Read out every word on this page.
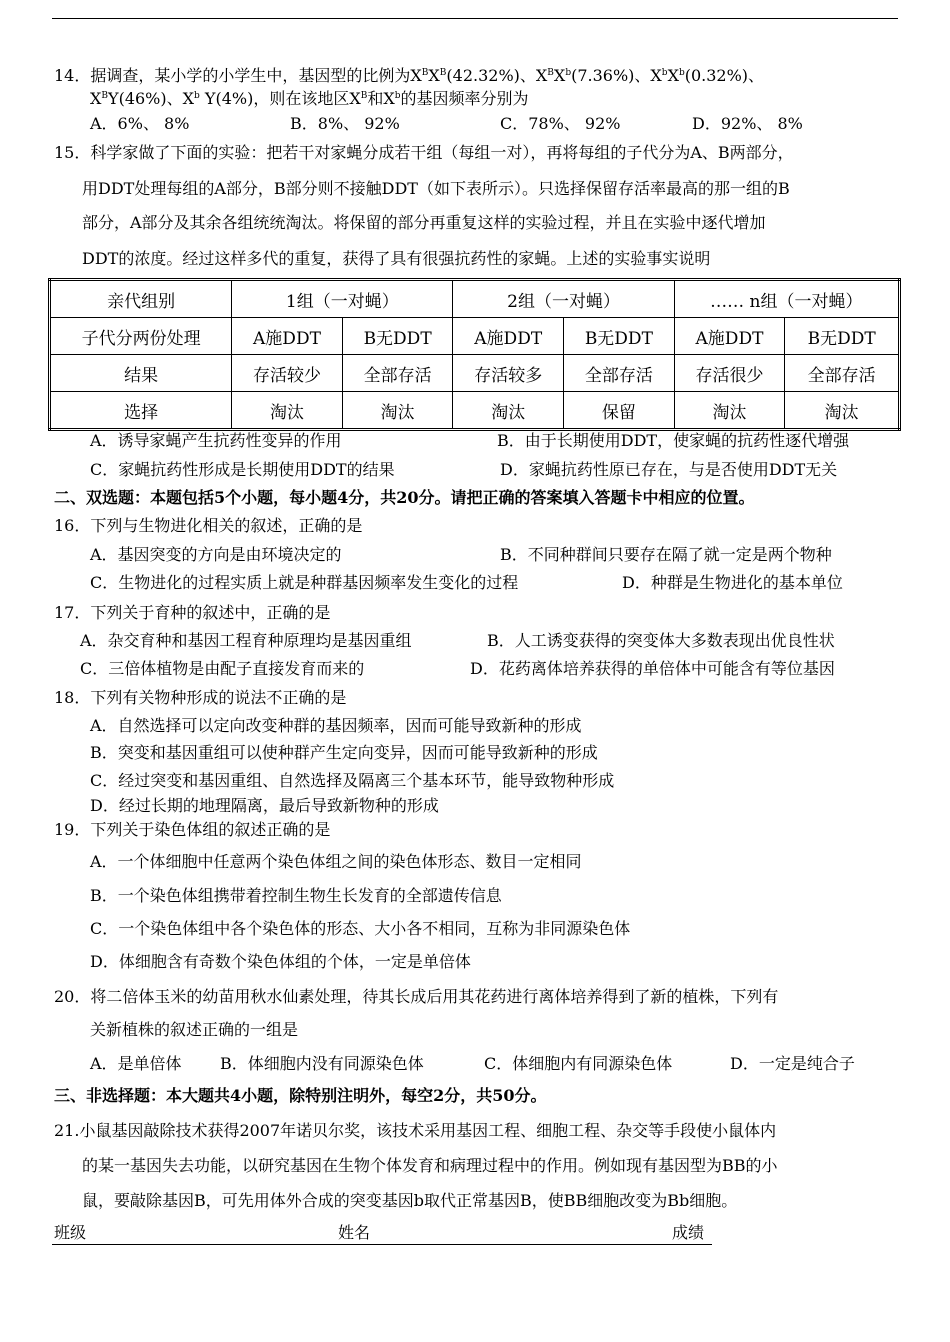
14．据调查，某小学的小学生中，基因型的比例为$X^BX^B(42.32\%)$、$X^BX^b(7.36\%)$、$X^bX^b(0.32\%)$、
$X^BY(46\%)$、$X^b$ Y(4%)，则在该地区$X^B$和$X^b$的基因频率分别为
A．6%、 8%	B．8%、 92%	C．78%、 92%	D．92%、 8%
15．科学家做了下面的实验：把若干对家蝇分成若干组（每组一对），再将每组的子代分为A、B两部分，
用DDT处理每组的A部分，B部分则不接触DDT（如下表所示）。只选择保留存活率最高的那一组的B
部分，A部分及其余各组统统淘汰。将保留的部分再重复这样的实验过程，并且在实验中逐代增加
DDT的浓度。经过这样多代的重复，获得了具有很强抗药性的家蝇。上述的实验事实说明
亲代组别	1组（一对蝇）		2组（一对蝇）		…… n组（一对蝇）	
子代分两份处理	A施DDT	B无DDT	A施DDT	B无DDT	A施DDT	B无DDT
结果	存活较少	全部存活	存活较多	全部存活	存活很少	全部存活
选择	淘汰	淘汰	淘汰	保留	淘汰	淘汰
A．诱导家蝇产生抗药性变异的作用	B．由于长期使用DDT，使家蝇的抗药性逐代增强
C．家蝇抗药性形成是长期使用DDT的结果	D．家蝇抗药性原已存在，与是否使用DDT无关
二、双选题：本题包括5个小题，每小题4分，共20分。请把正确的答案填入答题卡中相应的位置。
16．下列与生物进化相关的叙述，正确的是
A．基因突变的方向是由环境决定的	B．不同种群间只要存在隔了就一定是两个物种
C．生物进化的过程实质上就是种群基因频率发生变化的过程	D．种群是生物进化的基本单位
17．下列关于育种的叙述中，正确的是
A．杂交育种和基因工程育种原理均是基因重组	B．人工诱变获得的突变体大多数表现出优良性状
C．三倍体植物是由配子直接发育而来的	D．花药离体培养获得的单倍体中可能含有等位基因
18．下列有关物种形成的说法不正确的是
A．自然选择可以定向改变种群的基因频率，因而可能导致新种的形成
B．突变和基因重组可以使种群产生定向变异，因而可能导致新种的形成
C．经过突变和基因重组、自然选择及隔离三个基本环节，能导致物种形成
D．经过长期的地理隔离，最后导致新物种的形成
19．下列关于染色体组的叙述正确的是
A．一个体细胞中任意两个染色体组之间的染色体形态、数目一定相同
B．一个染色体组携带着控制生物生长发育的全部遗传信息
C．一个染色体组中各个染色体的形态、大小各不相同，互称为非同源染色体
D．体细胞含有奇数个染色体组的个体，一定是单倍体
20．将二倍体玉米的幼苗用秋水仙素处理，待其长成后用其花药进行离体培养得到了新的植株，下列有
关新植株的叙述正确的一组是
A．是单倍体 B．体细胞内没有同源染色体	C．体细胞内有同源染色体	D．一定是纯合子
三、非选择题：本大题共4小题，除特别注明外，每空2分，共50分。
21.小鼠基因敲除技术获得2007年诺贝尔奖，该技术采用基因工程、细胞工程、杂交等手段使小鼠体内
的某一基因失去功能，以研究基因在生物个体发育和病理过程中的作用。例如现有基因型为BB的小
鼠，要敲除基因B，可先用体外合成的突变基因b取代正常基因B，使BB细胞改变为Bb细胞。
班级	姓名	成绩
